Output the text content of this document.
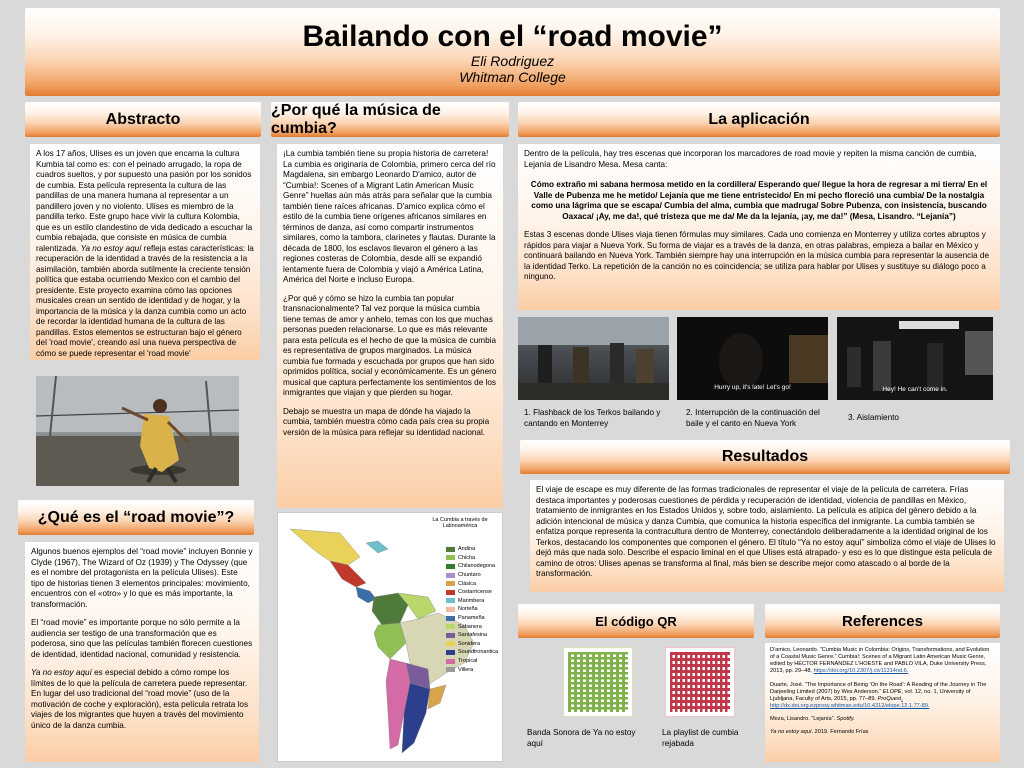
Bailando con el “road movie”
Eli Rodriguez
Whitman College
Abstracto

A los 17 años, Ulises es un joven que encarna la cultura Kumbia tal como es: con el peinado arrugado, la ropa de cuadros sueltos, y por supuesto una pasión por los sonidos de cumbia. Esta película representa la cultura de las pandillas de una manera humana al representar a un pandillero joven y no violento. Ulises es miembro de la pandilla terko. Este grupo hace vivir la cultura Kolombia, que es un estilo clandestino de vida dedicado a escuchar la cumbia rebajada, que consiste en música de cumbia ralentizada. Ya no estoy aquí refleja estas características: la recuperación de la identidad a través de la resistencia a la asimilación, también aborda sutilmente la creciente tensión política que estaba ocurriendo Mexico con el cambio del presidente. Este proyecto examina cómo las opciones musicales crean un sentido de identidad y de hogar, y la importancia de la música y la danza cumbia como un acto de recordar la identidad humana de la cultura de las pandillas. Estos elementos se estructuran bajo el género del 'road movie', creando así una nueva perspectiva de cómo se puede representar el 'road movie'

¿Qué es el “road movie”?

Algunos buenos ejemplos del “road movie” incluyen Bonnie y Clyde (1967), The Wizard of Oz (1939) y The Odyssey (que es el nombre del protagonista en la película Ulises). Este tipo de historias tienen 3 elementos principales: movimiento, encuentros con el «otro» y lo que es más importante, la transformación.

El “road movie” es importante porque no sólo permite a la audiencia ser testigo de una transformación que es poderosa, sino que las películas también florecen cuestiones de identidad, identidad nacional, comunidad y resistencia.

Ya no estoy aquí es especial debido a cómo rompe los límites de lo que la película de carretera puede representar. En lugar del uso tradicional del “road movie” (uso de la motivación de coche y exploración), esta película retrata los viajes de los migrantes que huyen a través del movimiento único de la danza cumbia.

¿Por qué la música de cumbia?

¡La cumbia también tiene su propia historia de carretera! La cumbia es originaria de Colombia, primero cerca del río Magdalena, sin embargo Leonardo D'amico, autor de “Cumbia!: Scenes of a Migrant Latin American Music Genre” huellas aún más atrás para señalar que la cumbia también tiene raíces africanas. D'amico explica cómo el estilo de la cumbia tiene orígenes africanos similares en términos de danza, así como compartir instrumentos similares, como la tambora, clarinetes y flautas. Durante la década de 1800, los esclavos llevaron el género a las regiones costeras de Colombia, desde allí se expandió lentamente fuera de Colombia y viajó a América Latina, América del Norte e incluso Europa.

¿Por qué y cómo se hizo la cumbia tan popular transnacionalmente? Tal vez porque la música cumbia tiene temas de amor y anhelo, temas con los que muchas personas pueden relacionarse. Lo que es más relevante para esta película es el hecho de que la música de cumbia es representativa de grupos marginados. La música cumbia fue formada y escuchada por grupos que han sido oprimidos política, social y económicamente. Es un género musical que captura perfectamente los sentimientos de los inmigrantes que viajan y que pierden su hogar.

Debajo se muestra un mapa de dónde ha viajado la cumbia, también muestra cómo cada país crea su propia versión de la música para reflejar su identidad nacional.

La Cumbia a través de Latinoamérica
Andina
Chicha
Chilanodegona
Chuntaro
Clásica
Costarricense
Marimbera
Norteña
Panameña
Sabanera
Santafesina
Sonidera
Soundtronantica
Tropical
Villera
La aplicación

Dentro de la película, hay tres escenas que incorporan los marcadores de road movie y repiten la misma canción de cumbia, Lejanía de Lisandro Mesa. Mesa canta:

Cómo extraño mi sabana hermosa metido en la cordillera/ Esperando que/ llegue la hora de regresar a mi tierra/ En el Valle de Pubenza me he metido/ Lejanía que me tiene entristecido/ En mi pecho floreció una cumbia/ De la nostalgia como una lágrima que se escapa/ Cumbia del alma, cumbia que madruga/ Sobre Pubenza, con insistencia, buscando Oaxaca/ ¡Ay, me da!, qué tristeza que me da/ Me da la lejanía, ¡ay, me da!” (Mesa, Lisandro. “Lejanía”)

Estas 3 escenas donde Ulises viaja tienen fórmulas muy similares. Cada uno comienza en Monterrey y utiliza cortes abruptos y rápidos para viajar a Nueva York. Su forma de viajar es a través de la danza, en otras palabras, empieza a bailar en México y continuará bailando en Nueva York. También siempre hay una interrupción en la música cumbia para representar la ausencia de la identidad Terko. La repetición de la canción no es coincidencia; se utiliza para hablar por Ulises y sustituye su diálogo poco a ninguno.

Hurry up, it's late! Let's go!	Hey! He can't come in.
1. Flashback de los Terkos bailando y cantando en Monterrey
2. Interrupción de la continuación del baile y el canto en Nueva York
3. Aislamiento
Resultados

El viaje de escape es muy diferente de las formas tradicionales de representar el viaje de la película de carretera. Frías destaca importantes y poderosas cuestiones de pérdida y recuperación de identidad, violencia de pandillas en México, tratamiento de inmigrantes en los Estados Unidos y, sobre todo, aislamiento. La película es atípica del género debido a la adición intencional de música y danza Cumbia, que comunica la historia específica del inmigrante. La cumbia también se enfatiza porque representa la contracultura dentro de Monterrey, conectándolo deliberadamente a la identidad original de los Terkos, destacando los componentes que componen el género. El título “Ya no estoy aquí” simboliza cómo el viaje de Ulises lo dejó más que nada solo. Describe el espacio liminal en el que Ulises está atrapado- y eso es lo que distingue esta película de camino de otros: Ulises apenas se transforma al final, más bien se describe mejor como atascado o al borde de la transformación.

El código QR
Banda Sonora de Ya no estoy aquí
La playlist de cumbia rejabada
References

D'amico, Leonardo. “Cumbia Music in Colombia: Origins, Transformations, and Evolution of a Coastal Music Genre.” Cumbia!: Scenes of a Migrant Latin American Music Genre, edited by HÉCTOR FERNÁNDEZ L'HOESTE and PABLO VILA, Duke University Press, 2013, pp. 29–48, https://doi.org/10.2307/j.ctv11314nd.6.

Duarte, José. “The Importance of Being ‘On the Road’: A Reading of the Journey in The Darjeeling Limited (2007) by Wes Anderson.” ELOPE, vol. 12, no. 1, University of Ljubljana, Faculty of Arts, 2015, pp. 77–89. ProQuest, http://dx.doi.org.ezproxy.whitman.edu/10.4312/elope.12.1.77-89.

Meza, Lisandro. “Lejanía”. Spotify.

Ya no estoy aquí. 2019. Fernando Frías
